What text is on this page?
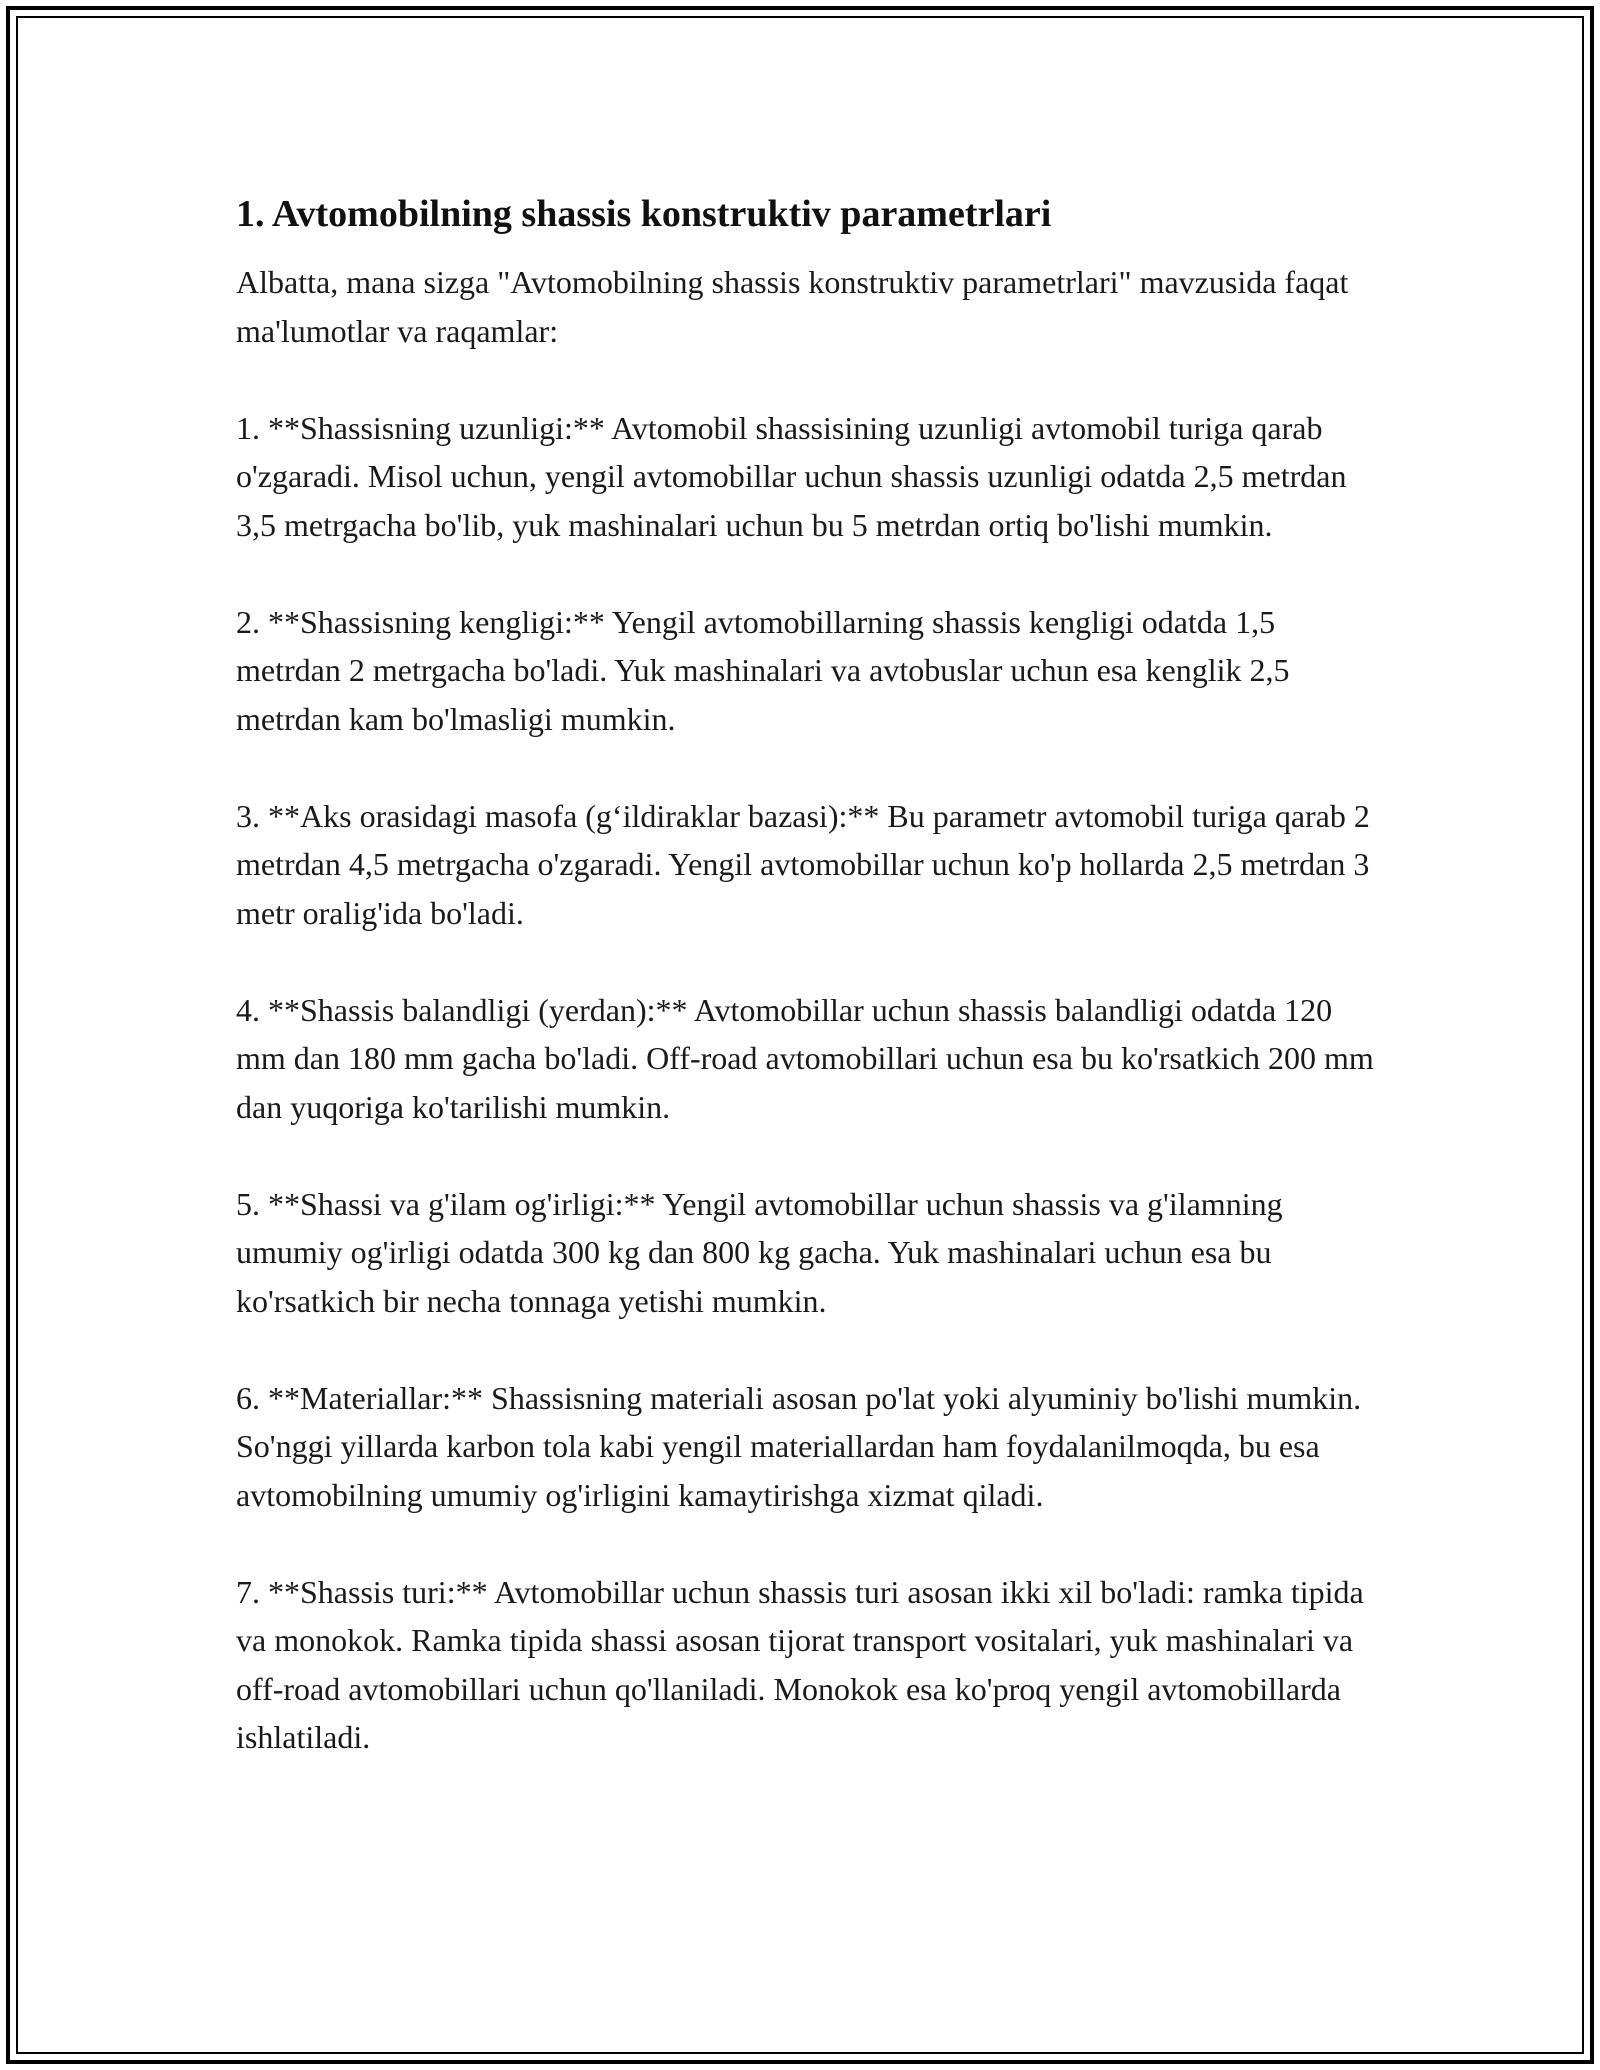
1. Avtomobilning shassis konstruktiv parametrlari

Albatta, mana sizga "Avtomobilning shassis konstruktiv parametrlari" mavzusida faqat ma'lumotlar va raqamlar:

1. **Shassisning uzunligi:** Avtomobil shassisining uzunligi avtomobil turiga qarab o'zgaradi. Misol uchun, yengil avtomobillar uchun shassis uzunligi odatda 2,5 metrdan 3,5 metrgacha bo'lib, yuk mashinalari uchun bu 5 metrdan ortiq bo'lishi mumkin.

2. **Shassisning kengligi:** Yengil avtomobillarning shassis kengligi odatda 1,5 metrdan 2 metrgacha bo'ladi. Yuk mashinalari va avtobuslar uchun esa kenglik 2,5 metrdan kam bo'lmasligi mumkin.

3. **Aks orasidagi masofa (g‘ildiraklar bazasi):** Bu parametr avtomobil turiga qarab 2 metrdan 4,5 metrgacha o'zgaradi. Yengil avtomobillar uchun ko'p hollarda 2,5 metrdan 3 metr oralig'ida bo'ladi.

4. **Shassis balandligi (yerdan):** Avtomobillar uchun shassis balandligi odatda 120 mm dan 180 mm gacha bo'ladi. Off-road avtomobillari uchun esa bu ko'rsatkich 200 mm dan yuqoriga ko'tarilishi mumkin.

5. **Shassi va g'ilam og'irligi:** Yengil avtomobillar uchun shassis va g'ilamning umumiy og'irligi odatda 300 kg dan 800 kg gacha. Yuk mashinalari uchun esa bu ko'rsatkich bir necha tonnaga yetishi mumkin.

6. **Materiallar:** Shassisning materiali asosan po'lat yoki alyuminiy bo'lishi mumkin. So'nggi yillarda karbon tola kabi yengil materiallardan ham foydalanilmoqda, bu esa avtomobilning umumiy og'irligini kamaytirishga xizmat qiladi.

7. **Shassis turi:** Avtomobillar uchun shassis turi asosan ikki xil bo'ladi: ramka tipida va monokok. Ramka tipida shassi asosan tijorat transport vositalari, yuk mashinalari va off-road avtomobillari uchun qo'llaniladi. Monokok esa ko'proq yengil avtomobillarda ishlatiladi.
